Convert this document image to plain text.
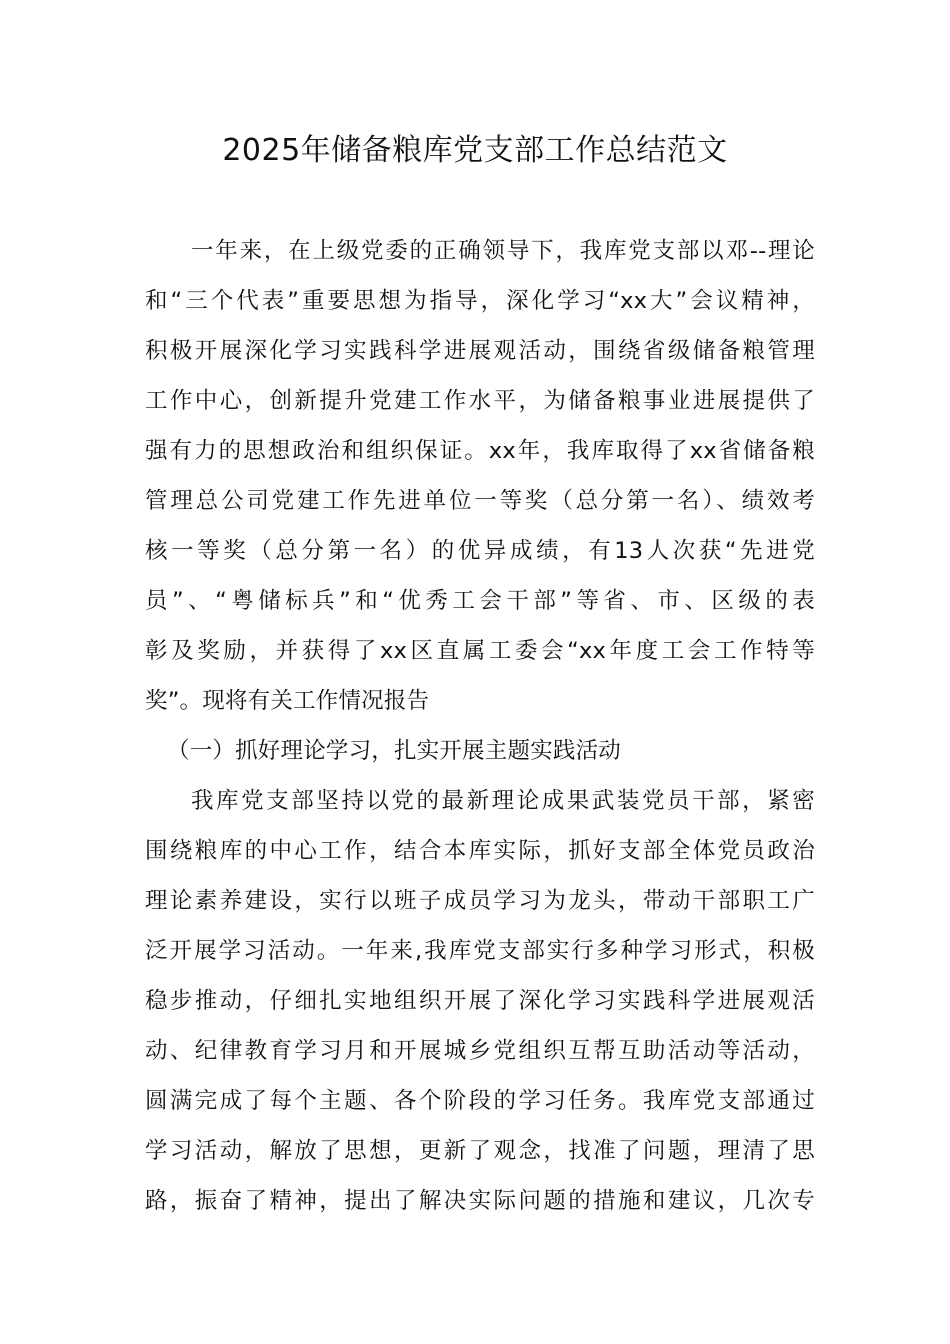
2025年储备粮库党支部工作总结范文
一年来，在上级党委的正确领导下，我库党支部以邓--理论
和“三个代表”重要思想为指导，深化学习“xx大”会议精神，
积极开展深化学习实践科学进展观活动，围绕省级储备粮管理
工作中心，创新提升党建工作水平，为储备粮事业进展提供了
强有力的思想政治和组织保证。xx年，我库取得了xx省储备粮
管理总公司党建工作先进单位一等奖（总分第一名）、绩效考
核一等奖（总分第一名）的优异成绩，有13人次获“先进党
员”、“粤储标兵”和“优秀工会干部”等省、市、区级的表
彰及奖励，并获得了xx区直属工委会“xx年度工会工作特等
奖”。现将有关工作情况报告
（一）抓好理论学习，扎实开展主题实践活动
我库党支部坚持以党的最新理论成果武装党员干部，紧密
围绕粮库的中心工作，结合本库实际，抓好支部全体党员政治
理论素养建设，实行以班子成员学习为龙头，带动干部职工广
泛开展学习活动。一年来,我库党支部实行多种学习形式，积极
稳步推动，仔细扎实地组织开展了深化学习实践科学进展观活
动、纪律教育学习月和开展城乡党组织互帮互助活动等活动，
圆满完成了每个主题、各个阶段的学习任务。我库党支部通过
学习活动，解放了思想，更新了观念，找准了问题，理清了思
路，振奋了精神，提出了解决实际问题的措施和建议，几次专
